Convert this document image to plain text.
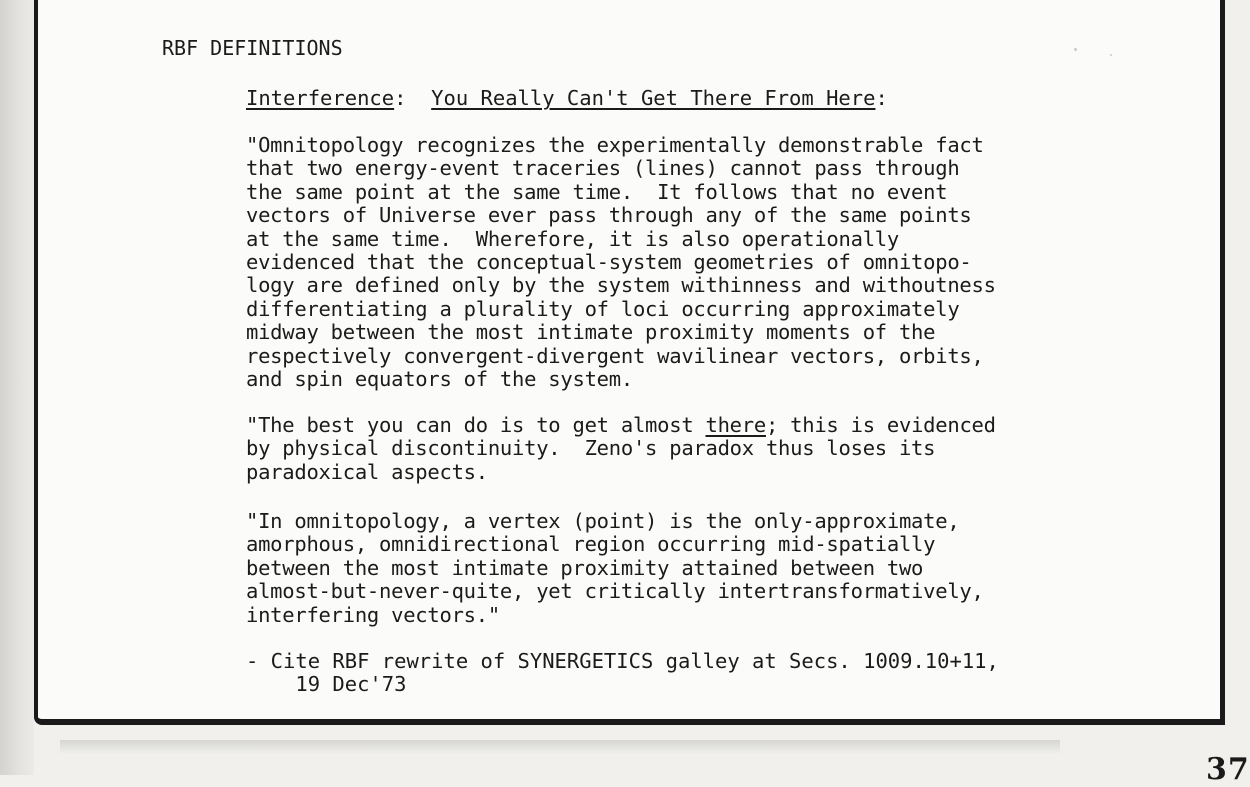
RBF DEFINITIONS
Interference: You Really Can't Get There From Here:
"Omnitopology recognizes the experimentally demonstrable fact
that two energy-event traceries (lines) cannot pass through
the same point at the same time.  It follows that no event
vectors of Universe ever pass through any of the same points
at the same time.  Wherefore, it is also operationally
evidenced that the conceptual-system geometries of omnitopo-
logy are defined only by the system withinness and withoutness
differentiating a plurality of loci occurring approximately
midway between the most intimate proximity moments of the
respectively convergent-divergent wavilinear vectors, orbits,
and spin equators of the system.
"The best you can do is to get almost there; this is evidenced
by physical discontinuity.  Zeno's paradox thus loses its
paradoxical aspects.
"In omnitopology, a vertex (point) is the only-approximate,
amorphous, omnidirectional region occurring mid-spatially
between the most intimate proximity attained between two
almost-but-never-quite, yet critically intertransformatively,
interfering vectors."
- Cite RBF rewrite of SYNERGETICS galley at Secs. 1009.10+11,
19 Dec'73
37
